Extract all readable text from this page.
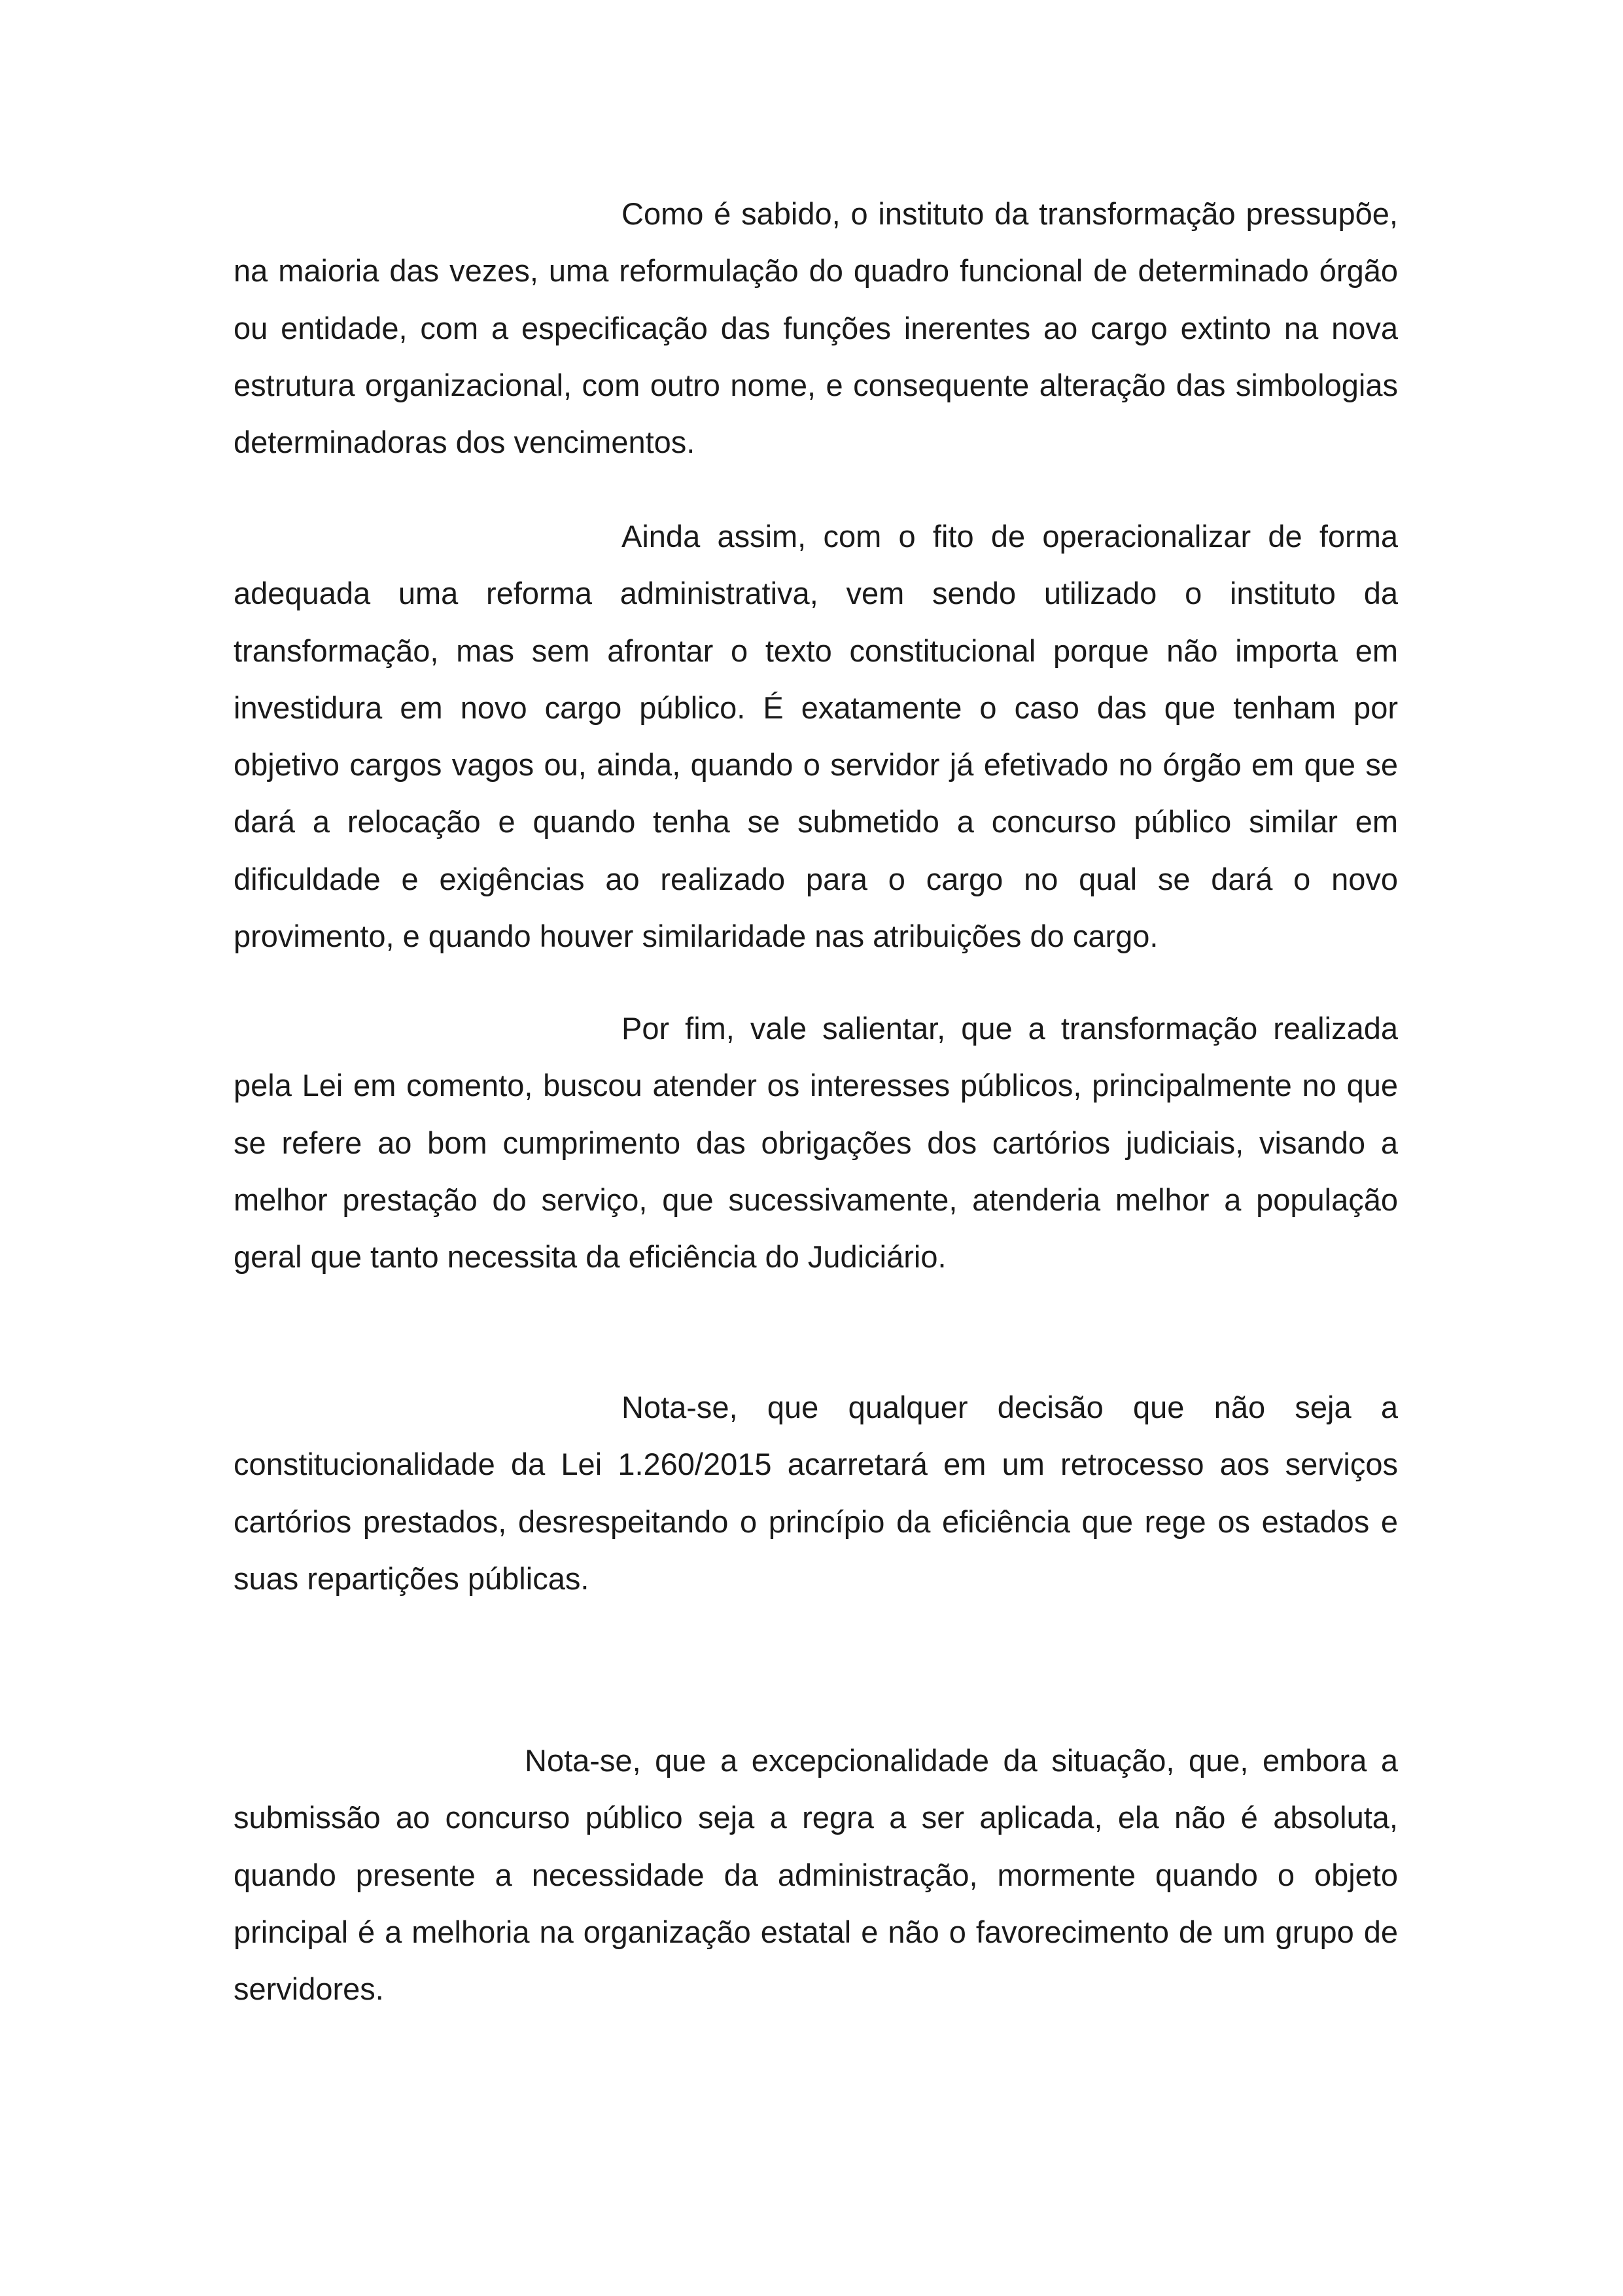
Como é sabido, o instituto da transformação pressupõe, na maioria das vezes, uma reformulação do quadro funcional de determinado órgão ou entidade, com a especificação das funções inerentes ao cargo extinto na nova estrutura organizacional, com outro nome, e consequente alteração das simbologias determinadoras dos vencimentos.

Ainda assim, com o fito de operacionalizar de forma adequada uma reforma administrativa, vem sendo utilizado o instituto da transformação, mas sem afrontar o texto constitucional porque não importa em investidura em novo cargo público. É exatamente o caso das que tenham por objetivo cargos vagos ou, ainda, quando o servidor já efetivado no órgão em que se dará a relocação e quando tenha se submetido a concurso público similar em dificuldade e exigências ao realizado para o cargo no qual se dará o novo provimento, e quando houver similaridade nas atribuições do cargo.

Por fim, vale salientar, que a transformação realizada pela Lei em comento, buscou atender os interesses públicos, principalmente no que se refere ao bom cumprimento das obrigações dos cartórios judiciais, visando a melhor prestação do serviço, que sucessivamente, atenderia melhor a população geral que tanto necessita da eficiência do Judiciário.

Nota-se, que qualquer decisão que não seja a constitucionalidade da Lei 1.260/2015 acarretará em um retrocesso aos serviços cartórios prestados, desrespeitando o princípio da eficiência que rege os estados e suas repartições públicas.

Nota-se, que a excepcionalidade da situação, que, embora a submissão ao concurso público seja a regra a ser aplicada, ela não é absoluta, quando presente a necessidade da administração, mormente quando o objeto principal é a melhoria na organização estatal e não o favorecimento de um grupo de servidores.
